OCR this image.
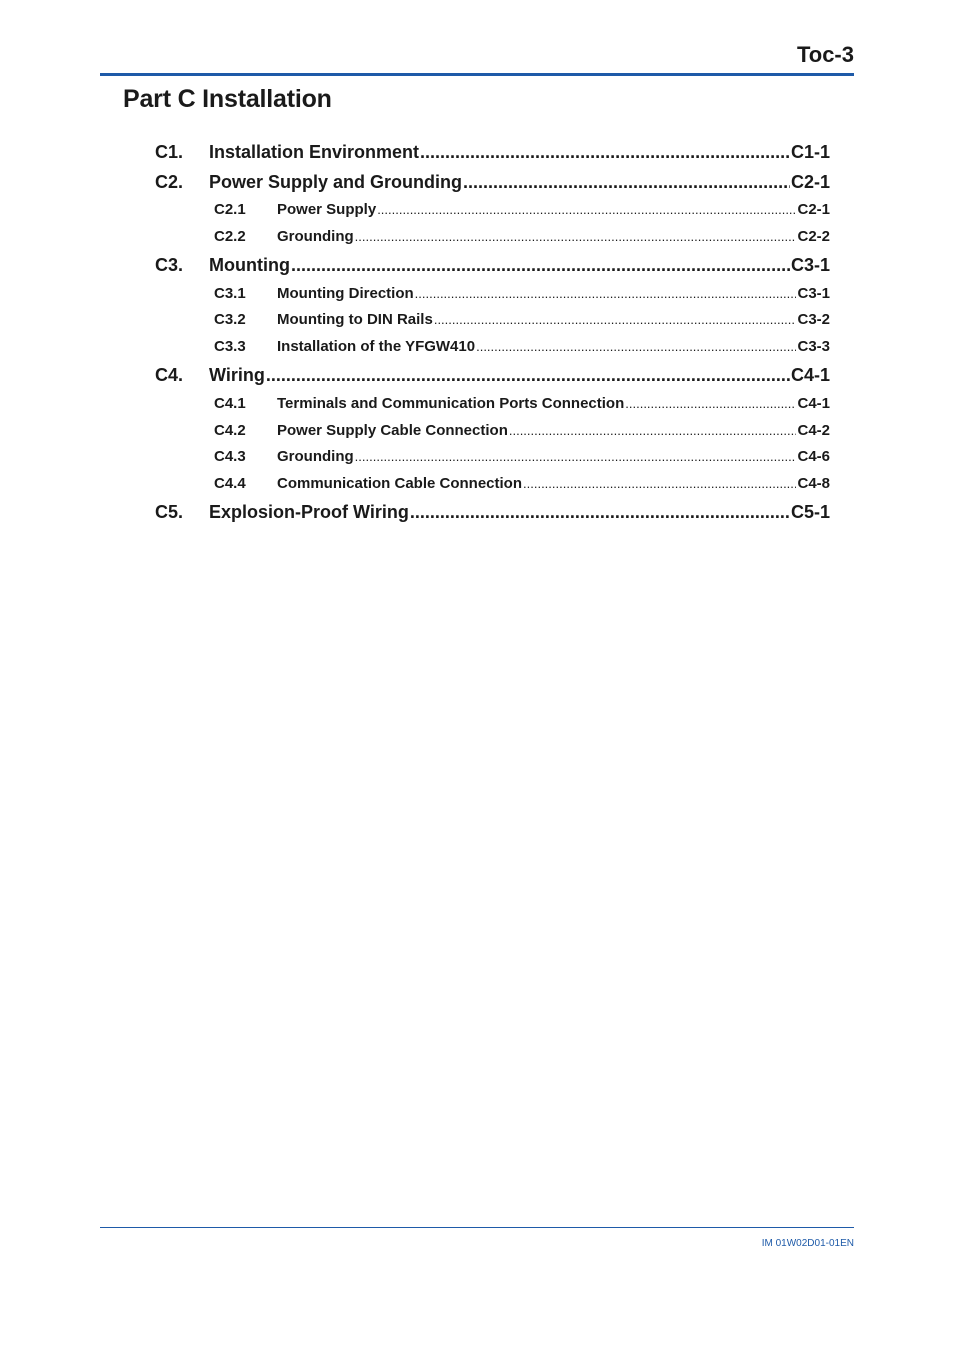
Toc-3
Part C Installation
C1.	Installation Environment .....	C1-1
C2.	Power Supply and Grounding .....	C2-1
C2.1	Power Supply .....	C2-1
C2.2	Grounding .....	C2-2
C3.	Mounting .....	C3-1
C3.1	Mounting Direction .....	C3-1
C3.2	Mounting to DIN Rails .....	C3-2
C3.3	Installation of the YFGW410 .....	C3-3
C4.	Wiring .....	C4-1
C4.1	Terminals and Communication Ports Connection .....	C4-1
C4.2	Power Supply Cable Connection .....	C4-2
C4.3	Grounding .....	C4-6
C4.4	Communication Cable Connection .....	C4-8
C5.	Explosion-Proof Wiring .....	C5-1
IM 01W02D01-01EN
